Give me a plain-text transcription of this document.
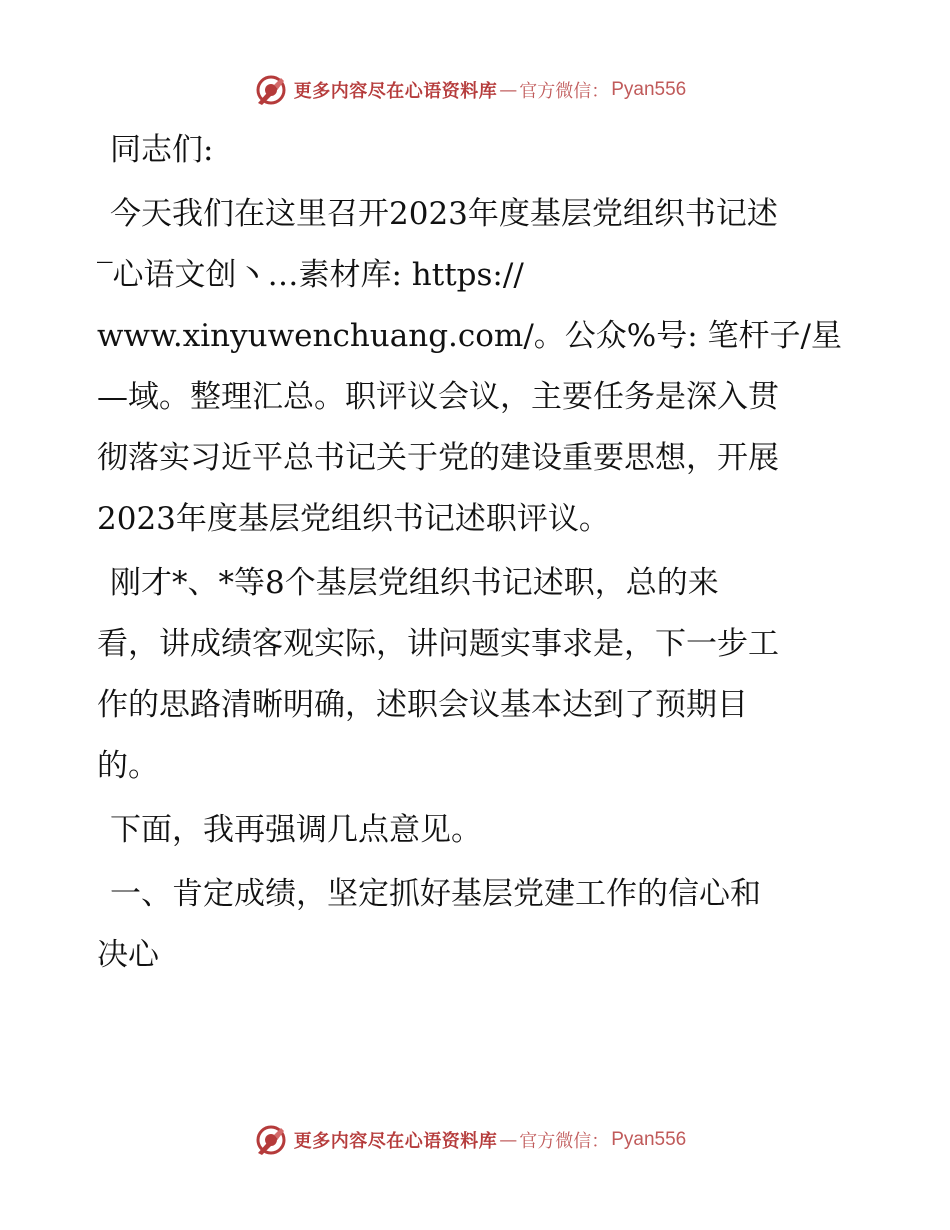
更多内容尽在心语资料库 — 官方微信： Pyan556

同志们:

今天我们在这里召开2023年度基层党组织书记述
‾心语文创丶…素材库: https://
www.xinyuwenchuang.com/。公众%号: 笔杆子/星
—域。整理汇总。职评议会议，主要任务是深入贯
彻落实习近平总书记关于党的建设重要思想，开展
2023年度基层党组织书记述职评议。

刚才*、*等8个基层党组织书记述职，总的来
看，讲成绩客观实际，讲问题实事求是，下一步工
作的思路清晰明确，述职会议基本达到了预期目
的。

下面，我再强调几点意见。

一、肯定成绩，坚定抓好基层党建工作的信心和
决心

更多内容尽在心语资料库 — 官方微信： Pyan556
